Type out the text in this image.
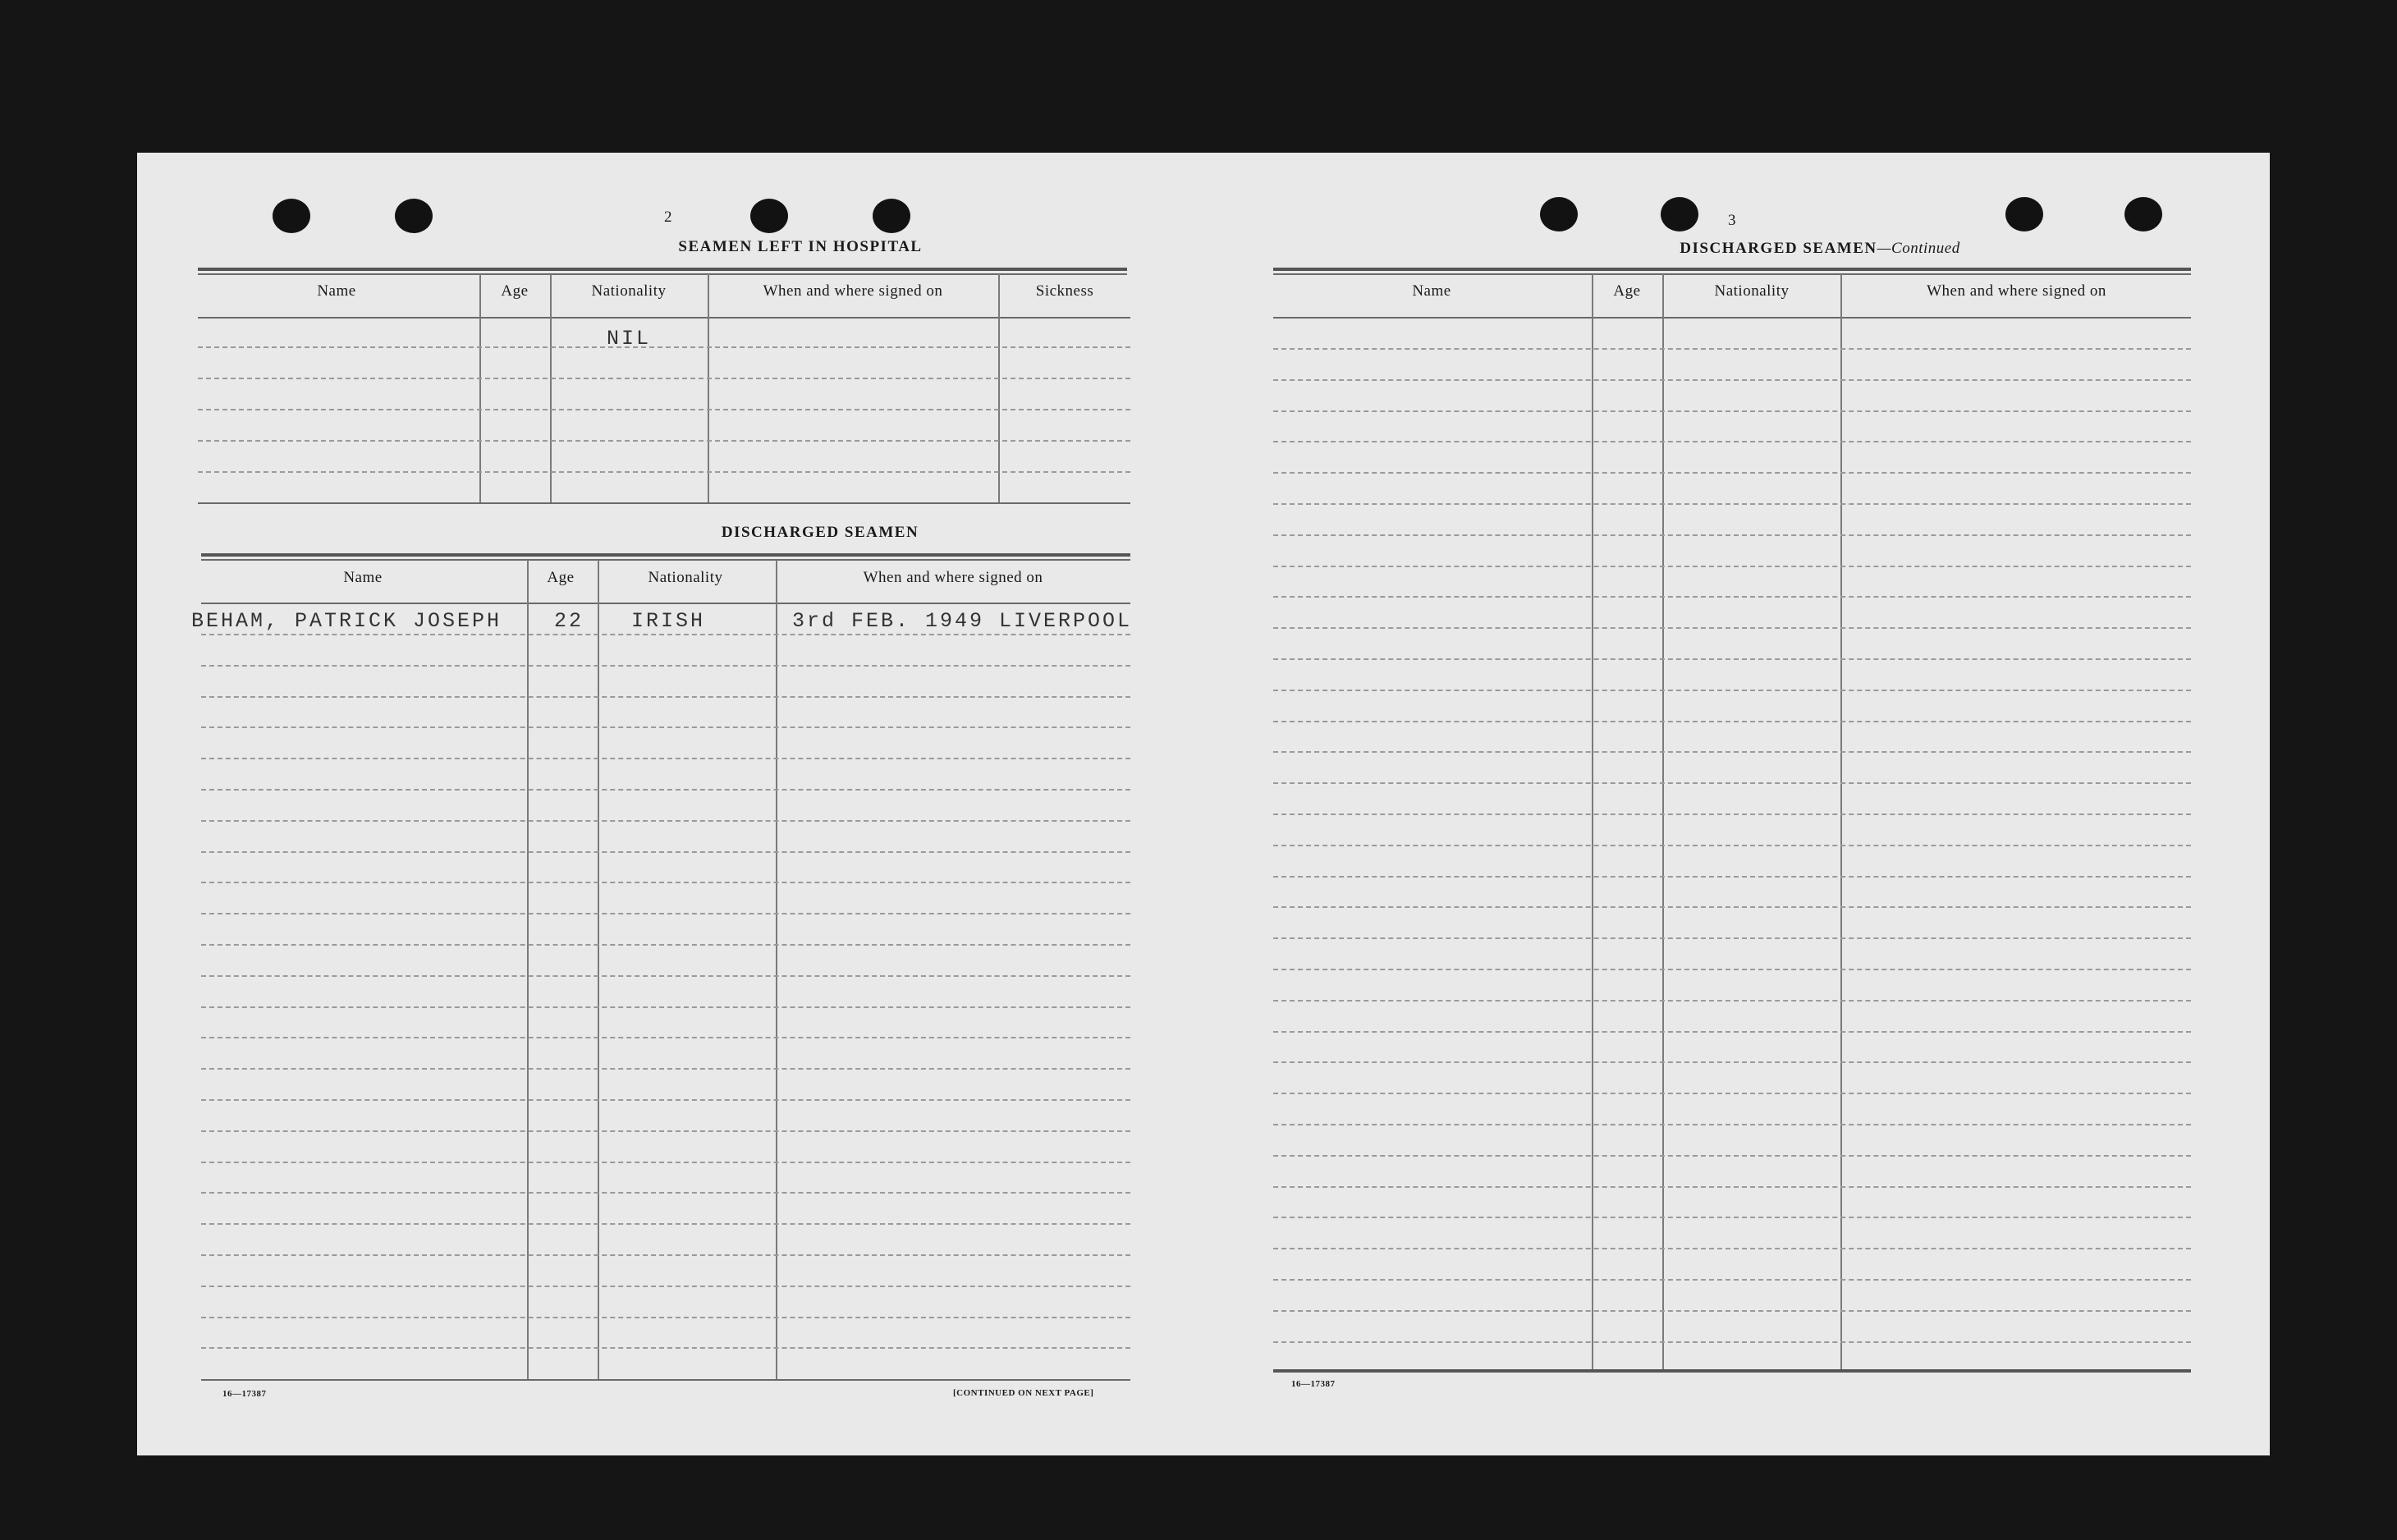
2
SEAMEN LEFT IN HOSPITAL
Name	Age	Nationality	When and where signed on	Sickness
NIL
DISCHARGED SEAMEN
Name	Age	Nationality	When and where signed on
BEHAM, PATRICK JOSEPH	22 IRISH	3rd FEB. 1949 LIVERPOOL
16—17387	[CONTINUED ON NEXT PAGE]
3
DISCHARGED SEAMEN—Continued
Name	Age	Nationality	When and where signed on
16—17387
